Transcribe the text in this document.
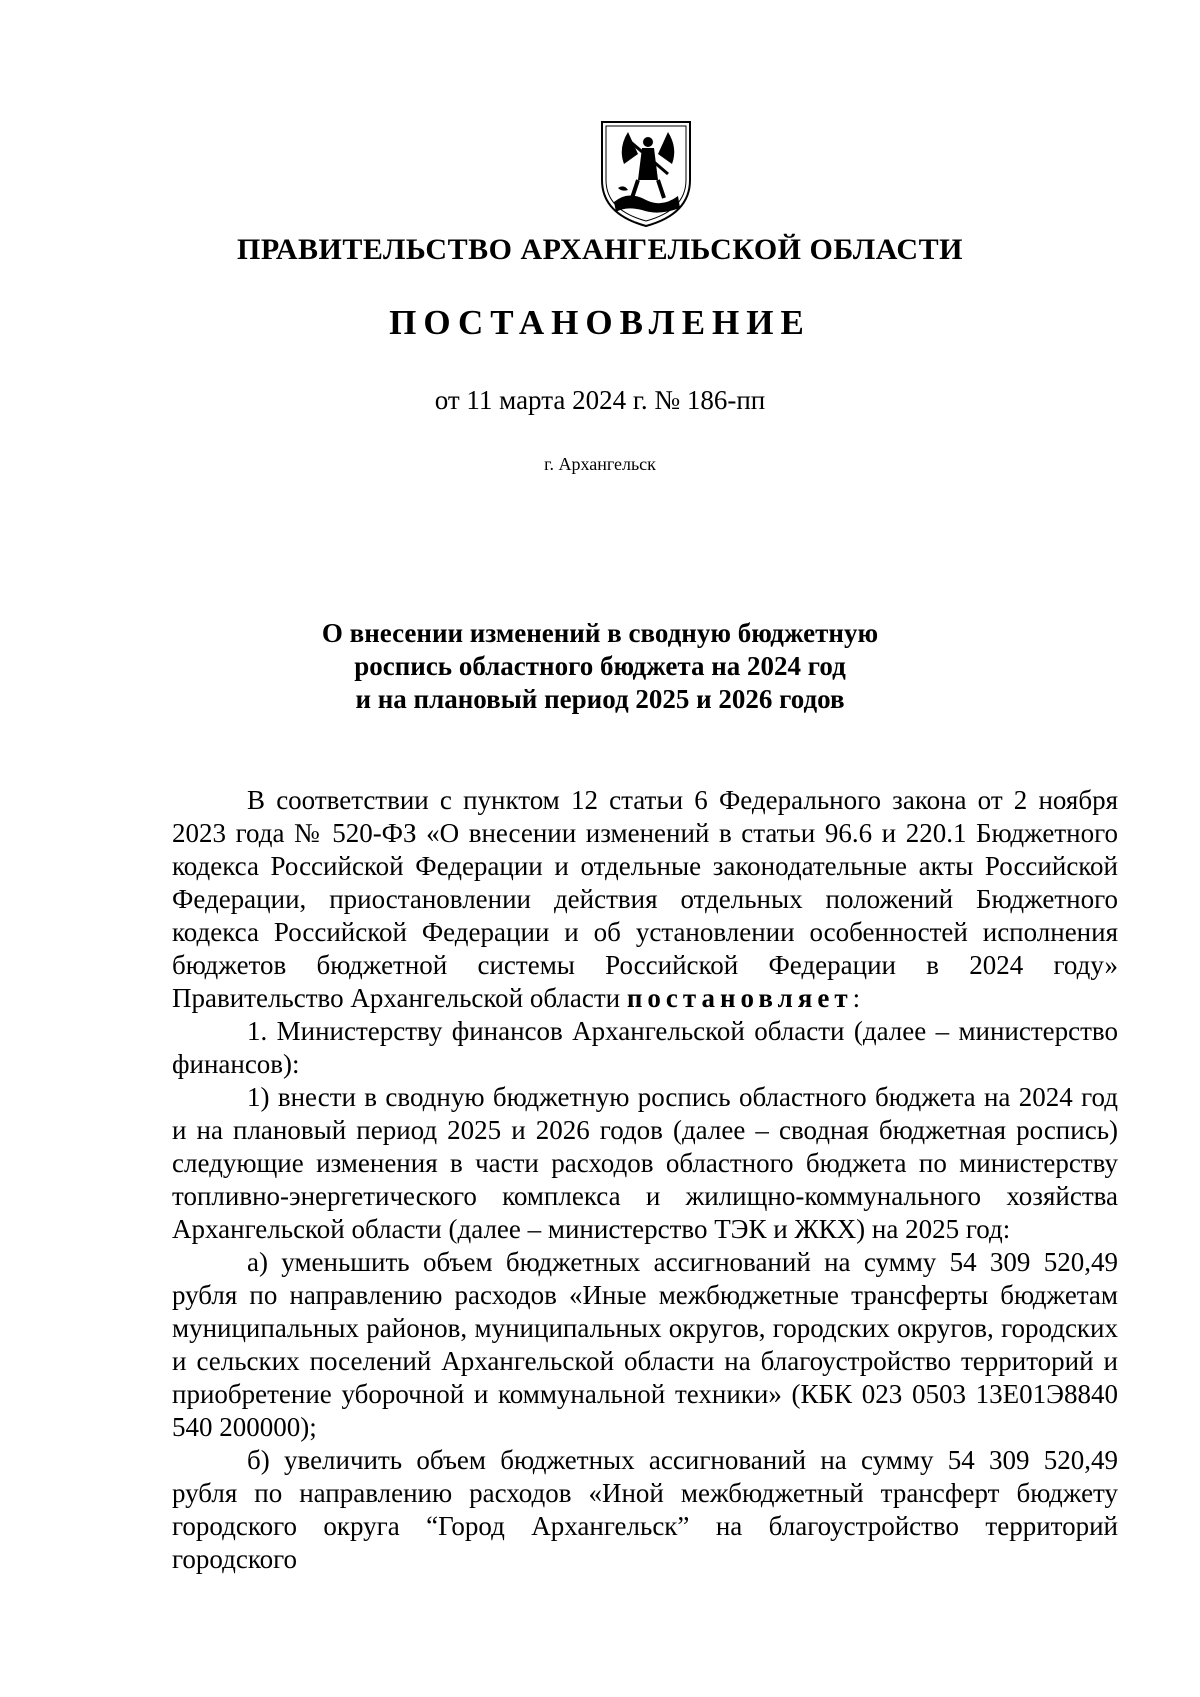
ПРАВИТЕЛЬСТВО АРХАНГЕЛЬСКОЙ ОБЛАСТИ
ПОСТАНОВЛЕНИЕ
от 11 марта 2024 г. № 186-пп
г. Архангельск
О внесении изменений в сводную бюджетную
роспись областного бюджета на 2024 год
и на плановый период 2025 и 2026 годов

В соответствии с пунктом 12 статьи 6 Федерального закона от 2 ноября 2023 года № 520-ФЗ «О внесении изменений в статьи 96.6 и 220.1 Бюджетного кодекса Российской Федерации и отдельные законодательные акты Российской Федерации, приостановлении действия отдельных положений Бюджетного кодекса Российской Федерации и об установлении особенностей исполнения бюджетов бюджетной системы Российской Федерации в 2024 году» Правительство Архангельской области постановляет:

1. Министерству финансов Архангельской области (далее – министерство финансов):

1) внести в сводную бюджетную роспись областного бюджета на 2024 год и на плановый период 2025 и 2026 годов (далее – сводная бюджетная роспись) следующие изменения в части расходов областного бюджета по министерству топливно-энергетического комплекса и жилищно-коммунального хозяйства Архангельской области (далее – министерство ТЭК и ЖКХ) на 2025 год:

а) уменьшить объем бюджетных ассигнований на сумму 54 309 520,49 рубля по направлению расходов «Иные межбюджетные трансферты бюджетам муниципальных районов, муниципальных округов, городских округов, городских и сельских поселений Архангельской области на благоустройство территорий и приобретение уборочной и коммунальной техники» (КБК 023 0503 13Е01Э8840 540 200000);

б) увеличить объем бюджетных ассигнований на сумму 54 309 520,49 рубля по направлению расходов «Иной межбюджетный трансферт бюджету городского округа “Город Архангельск” на благоустройство территорий городского
